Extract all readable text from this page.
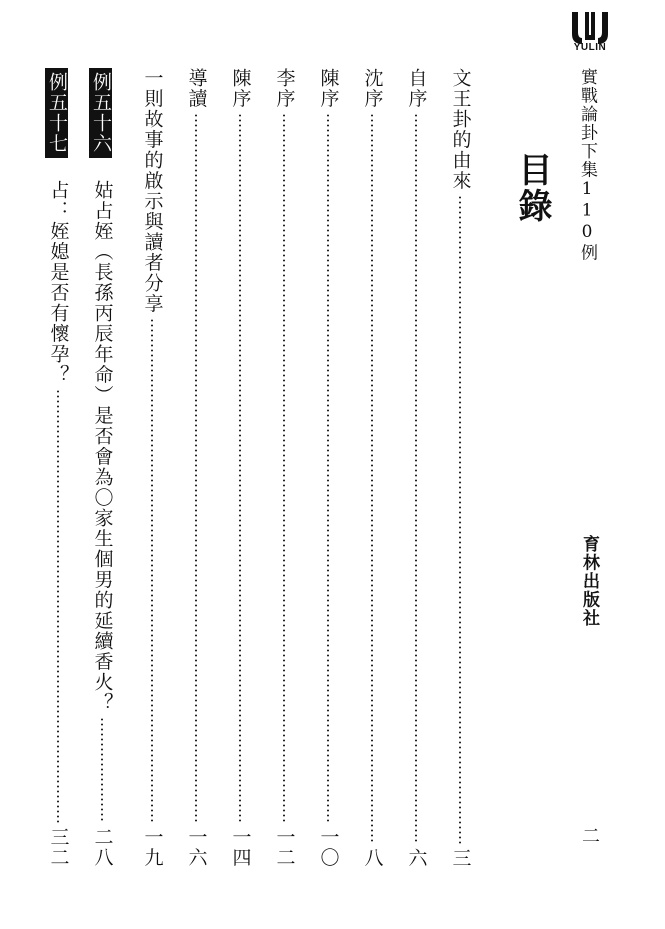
YULIN
實戰論卦下集110例
育林出版社
二
目錄
文王卦的由來
三
自序
六
沈序
八
陳序
一〇
李序
一二
陳序
一四
導讀
一六
一則故事的啟示與讀者分享
一九
例五十六
例五十七
姑占姪（長孫丙辰年命）是否會為〇家生個男的延續香火？
二八
占：姪媳是否有懷孕？
三二
